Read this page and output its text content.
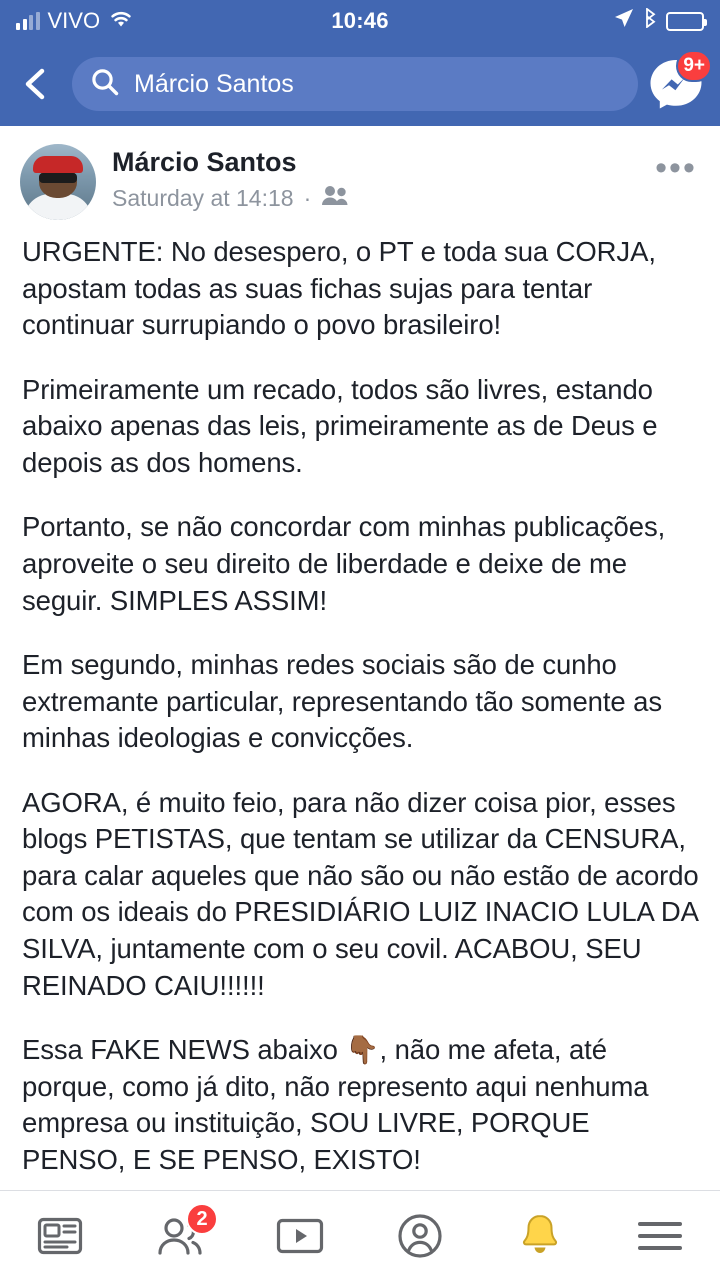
VIVO	10:46
Márcio Santos
9+
Márcio Santos
Saturday at 14:18 ·
•••

URGENTE: No desespero, o PT e toda sua CORJA, apostam todas as suas fichas sujas para tentar continuar surrupiando o povo brasileiro!

Primeiramente um recado, todos são livres, estando abaixo apenas das leis, primeiramente as de Deus e depois as dos homens.

Portanto, se não concordar com minhas publicações, aproveite o seu direito de liberdade e deixe de me seguir. SIMPLES ASSIM!

Em segundo, minhas redes sociais são de cunho extremante particular, representando tão somente as minhas ideologias e convicções.

AGORA, é muito feio, para não dizer coisa pior, esses blogs PETISTAS, que tentam se utilizar da CENSURA, para calar aqueles que não são ou não estão de acordo com os ideais do PRESIDIÁRIO LUIZ INACIO LULA DA SILVA, juntamente com o seu covil. ACABOU, SEU REINADO CAIU!!!!!!

Essa FAKE NEWS abaixo 👇🏾, não me afeta, até porque, como já dito, não represento aqui nenhuma empresa ou instituição, SOU LIVRE, PORQUE PENSO, E SE PENSO, EXISTO!

2
